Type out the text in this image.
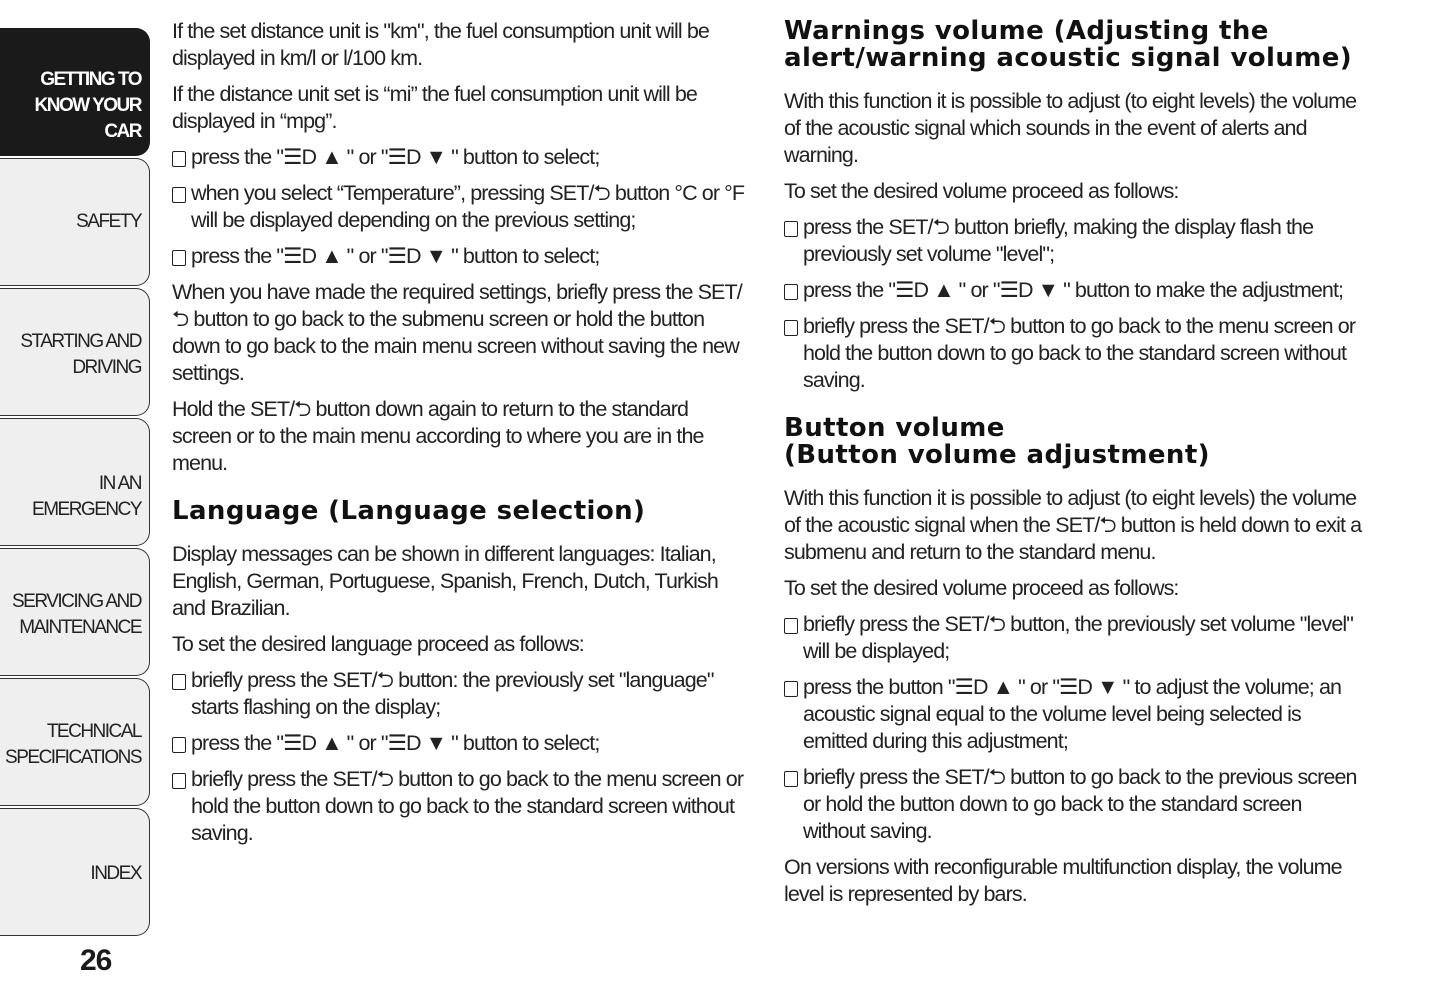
GETTING TO
KNOW YOUR CAR
SAFETY
STARTING AND
DRIVING
IN AN EMERGENCY
SERVICING AND
MAINTENANCE
TECHNICAL
SPECIFICATIONS
INDEX
26

If the set distance unit is "km", the fuel consumption unit will be displayed in km/l or l/100 km.

If the distance unit set is “mi” the fuel consumption unit will be displayed in “mpg”.

press the "☰D ▲ " or "☰D ▼ " button to select;
when you select “Temperature”, pressing SET/⮌ button °C or °F will be displayed depending on the previous setting;
press the "☰D ▲ " or "☰D ▼ " button to select;

When you have made the required settings, briefly press the SET/⮌ button to go back to the submenu screen or hold the button down to go back to the main menu screen without saving the new settings.

Hold the SET/⮌ button down again to return to the standard screen or to the main menu according to where you are in the menu.

Language (Language selection)

Display messages can be shown in different languages: Italian, English, German, Portuguese, Spanish, French, Dutch, Turkish and Brazilian.

To set the desired language proceed as follows:

briefly press the SET/⮌ button: the previously set "language" starts flashing on the display;
press the "☰D ▲ " or "☰D ▼ " button to select;
briefly press the SET/⮌ button to go back to the menu screen or hold the button down to go back to the standard screen without saving.
Warnings volume (Adjusting the alert/warning acoustic signal volume)

With this function it is possible to adjust (to eight levels) the volume of the acoustic signal which sounds in the event of alerts and warning.

To set the desired volume proceed as follows:

press the SET/⮌ button briefly, making the display flash the previously set volume "level";
press the "☰D ▲ " or "☰D ▼ " button to make the adjustment;
briefly press the SET/⮌ button to go back to the menu screen or hold the button down to go back to the standard screen without saving.
Button volume
(Button volume adjustment)

With this function it is possible to adjust (to eight levels) the volume of the acoustic signal when the SET/⮌ button is held down to exit a submenu and return to the standard menu.

To set the desired volume proceed as follows:

briefly press the SET/⮌ button, the previously set volume "level" will be displayed;
press the button "☰D ▲ " or "☰D ▼ " to adjust the volume; an acoustic signal equal to the volume level being selected is emitted during this adjustment;
briefly press the SET/⮌ button to go back to the previous screen or hold the button down to go back to the standard screen without saving.

On versions with reconfigurable multifunction display, the volume level is represented by bars.
